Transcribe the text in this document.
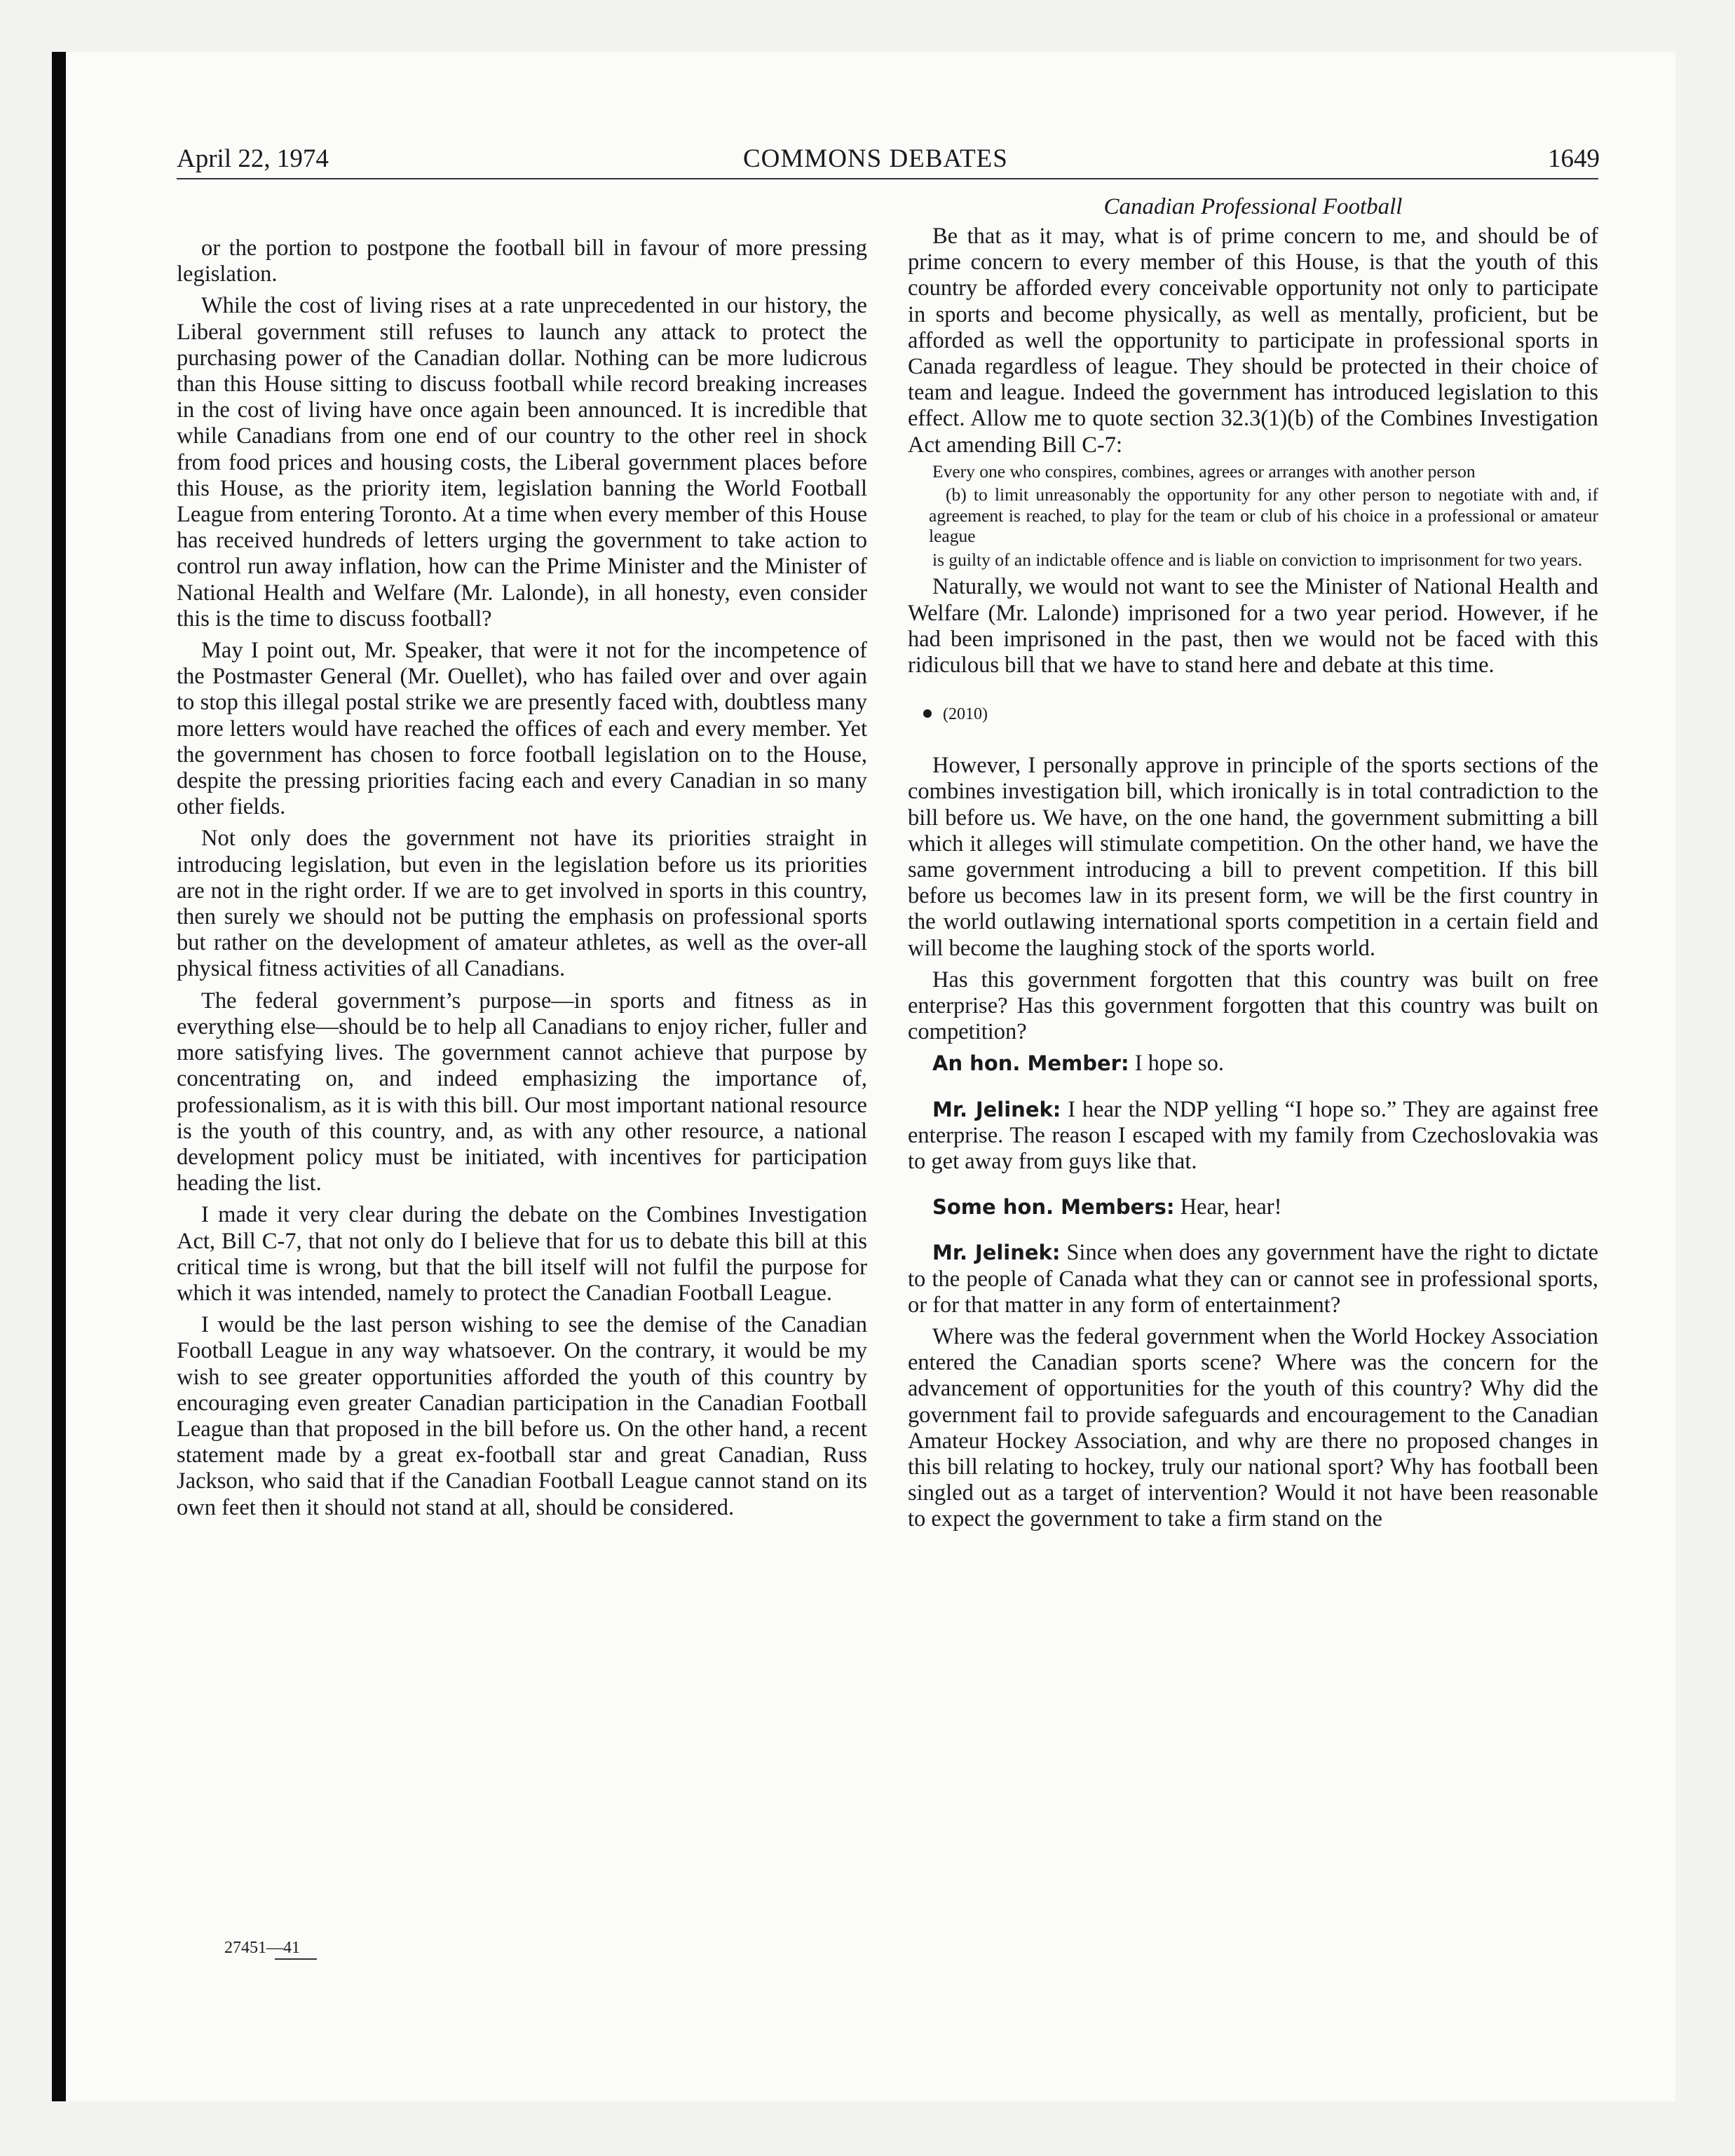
April 22, 1974	COMMONS DEBATES	1649

or the portion to postpone the football bill in favour of more pressing legislation.

While the cost of living rises at a rate unprecedented in our history, the Liberal government still refuses to launch any attack to protect the purchasing power of the Canadian dollar. Nothing can be more ludicrous than this House sitting to discuss football while record breaking increases in the cost of living have once again been announced. It is incredible that while Canadians from one end of our country to the other reel in shock from food prices and housing costs, the Liberal government places before this House, as the priority item, legislation banning the World Football League from entering Toronto. At a time when every member of this House has received hundreds of letters urging the government to take action to control run away inflation, how can the Prime Minister and the Minister of National Health and Welfare (Mr. Lalonde), in all honesty, even consider this is the time to discuss football?

May I point out, Mr. Speaker, that were it not for the incompetence of the Postmaster General (Mr. Ouellet), who has failed over and over again to stop this illegal postal strike we are presently faced with, doubtless many more letters would have reached the offices of each and every member. Yet the government has chosen to force football legislation on to the House, despite the pressing priorities facing each and every Canadian in so many other fields.

Not only does the government not have its priorities straight in introducing legislation, but even in the legislation before us its priorities are not in the right order. If we are to get involved in sports in this country, then surely we should not be putting the emphasis on professional sports but rather on the development of amateur athletes, as well as the over-all physical fitness activities of all Canadians.

The federal government’s purpose—in sports and fitness as in everything else—should be to help all Canadians to enjoy richer, fuller and more satisfying lives. The government cannot achieve that purpose by concentrating on, and indeed emphasizing the importance of, professionalism, as it is with this bill. Our most important national resource is the youth of this country, and, as with any other resource, a national development policy must be initiated, with incentives for participation heading the list.

I made it very clear during the debate on the Combines Investigation Act, Bill C-7, that not only do I believe that for us to debate this bill at this critical time is wrong, but that the bill itself will not fulfil the purpose for which it was intended, namely to protect the Canadian Football League.

I would be the last person wishing to see the demise of the Canadian Football League in any way whatsoever. On the contrary, it would be my wish to see greater opportunities afforded the youth of this country by encouraging even greater Canadian participation in the Canadian Football League than that proposed in the bill before us. On the other hand, a recent statement made by a great ex-football star and great Canadian, Russ Jackson, who said that if the Canadian Football League cannot stand on its own feet then it should not stand at all, should be considered.

Canadian Professional Football

Be that as it may, what is of prime concern to me, and should be of prime concern to every member of this House, is that the youth of this country be afforded every conceivable opportunity not only to participate in sports and become physically, as well as mentally, proficient, but be afforded as well the opportunity to participate in professional sports in Canada regardless of league. They should be protected in their choice of team and league. Indeed the government has introduced legislation to this effect. Allow me to quote section 32.3(1)(b) of the Combines Investigation Act amending Bill C-7:

Every one who conspires, combines, agrees or arranges with another person

(b) to limit unreasonably the opportunity for any other person to negotiate with and, if agreement is reached, to play for the team or club of his choice in a professional or amateur league

is guilty of an indictable offence and is liable on conviction to imprisonment for two years.

Naturally, we would not want to see the Minister of National Health and Welfare (Mr. Lalonde) imprisoned for a two year period. However, if he had been imprisoned in the past, then we would not be faced with this ridiculous bill that we have to stand here and debate at this time.

(2010)

However, I personally approve in principle of the sports sections of the combines investigation bill, which ironically is in total contradiction to the bill before us. We have, on the one hand, the government submitting a bill which it alleges will stimulate competition. On the other hand, we have the same government introducing a bill to prevent competition. If this bill before us becomes law in its present form, we will be the first country in the world outlawing international sports competition in a certain field and will become the laughing stock of the sports world.

Has this government forgotten that this country was built on free enterprise? Has this government forgotten that this country was built on competition?

An hon. Member: I hope so.

Mr. Jelinek: I hear the NDP yelling “I hope so.” They are against free enterprise. The reason I escaped with my family from Czechoslovakia was to get away from guys like that.

Some hon. Members: Hear, hear!

Mr. Jelinek: Since when does any government have the right to dictate to the people of Canada what they can or cannot see in professional sports, or for that matter in any form of entertainment?

Where was the federal government when the World Hockey Association entered the Canadian sports scene? Where was the concern for the advancement of opportunities for the youth of this country? Why did the government fail to provide safeguards and encouragement to the Canadian Amateur Hockey Association, and why are there no proposed changes in this bill relating to hockey, truly our national sport? Why has football been singled out as a target of intervention? Would it not have been reasonable to expect the government to take a firm stand on the

27451—41
